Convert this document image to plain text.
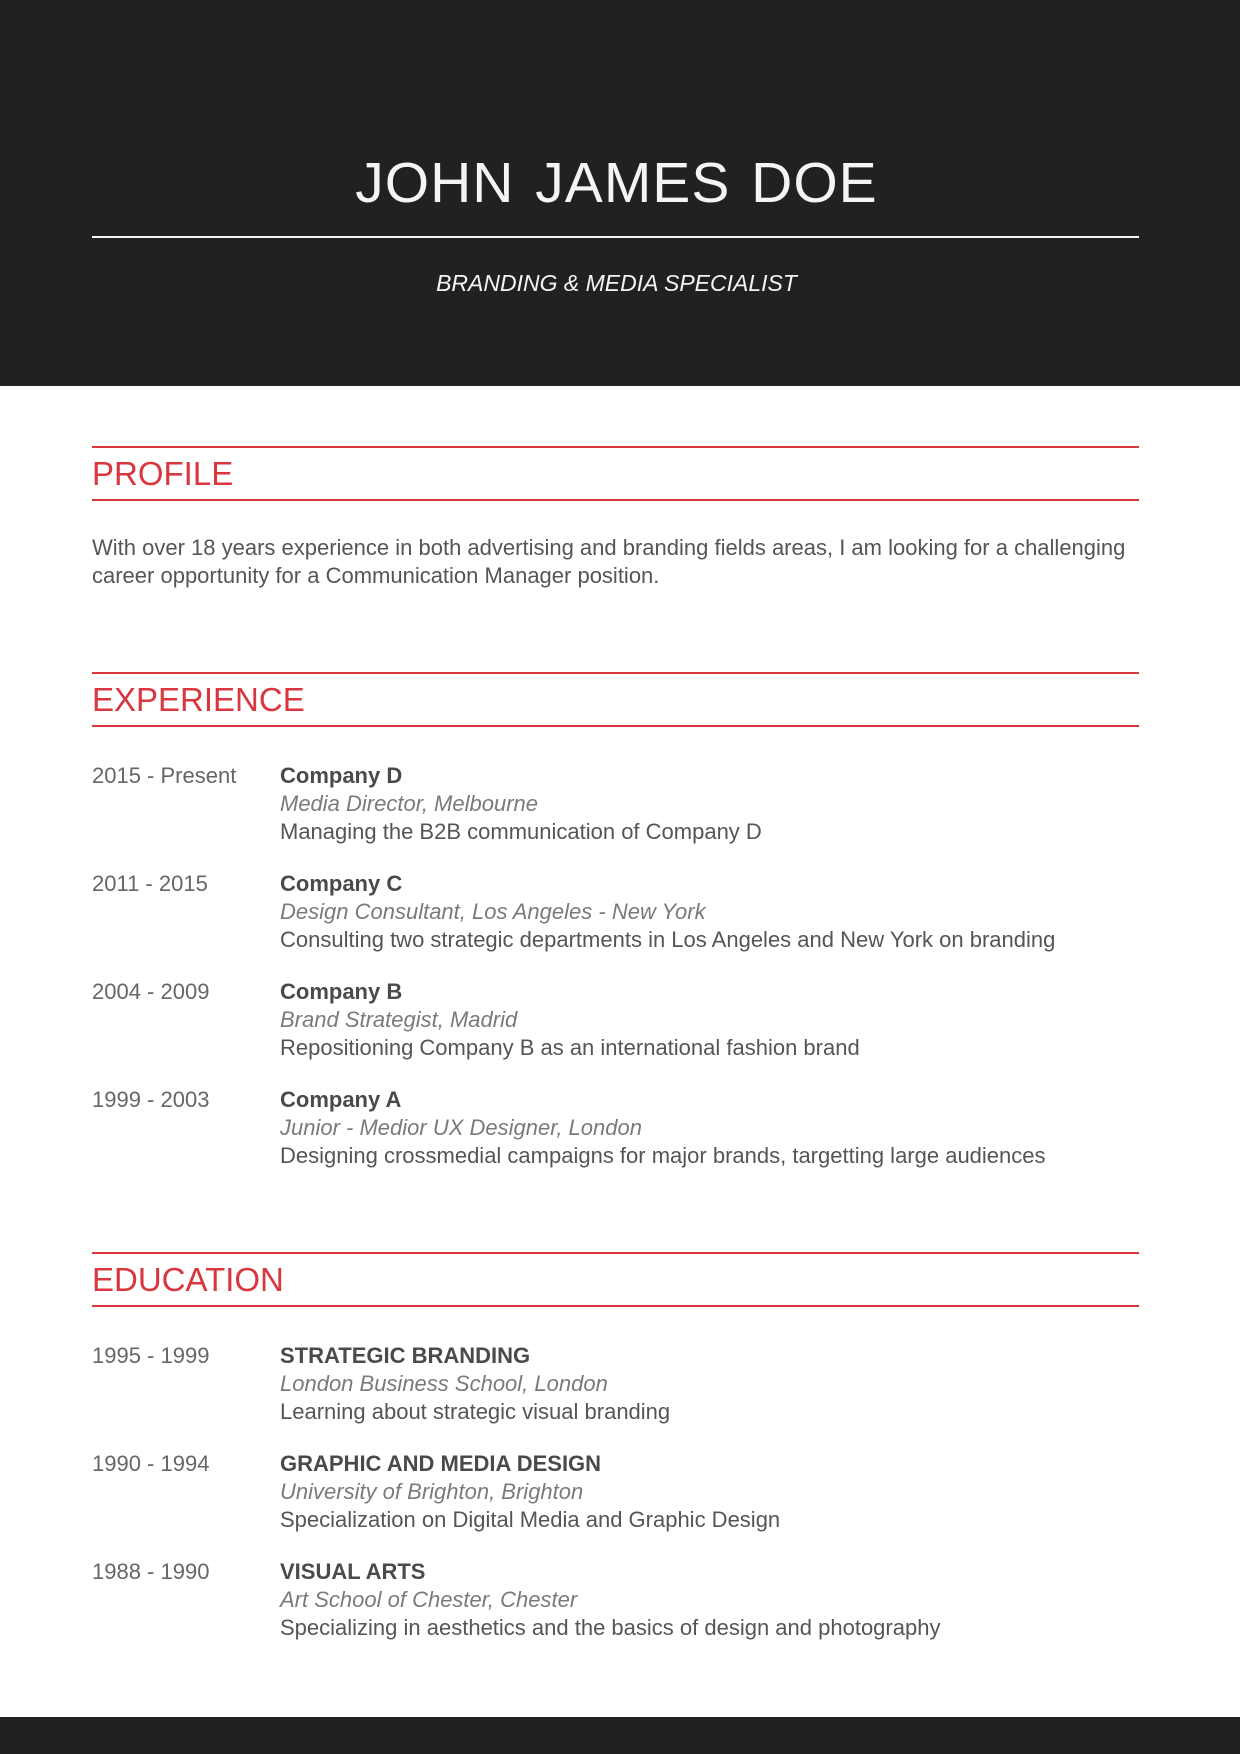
JOHN JAMES DOE
BRANDING & MEDIA SPECIALIST
PROFILE
With over 18 years experience in both advertising and branding fields areas, I am looking for a challenging career opportunity for a Communication Manager position.
EXPERIENCE
2015 - Present Company D
Media Director, Melbourne
Managing the B2B communication of Company D
2011 - 2015	Company C
Design Consultant, Los Angeles - New York
Consulting two strategic departments in Los Angeles and New York on branding
2004 - 2009	Company B
Brand Strategist, Madrid
Repositioning Company B as an international fashion brand
1999 - 2003	Company A
Junior - Medior UX Designer, London
Designing crossmedial campaigns for major brands, targetting large audiences
EDUCATION
1995 - 1999	STRATEGIC BRANDING
London Business School, London
Learning about strategic visual branding
1990 - 1994	GRAPHIC AND MEDIA DESIGN
University of Brighton, Brighton
Specialization on Digital Media and Graphic Design
1988 - 1990	VISUAL ARTS
Art School of Chester, Chester
Specializing in aesthetics and the basics of design and photography
